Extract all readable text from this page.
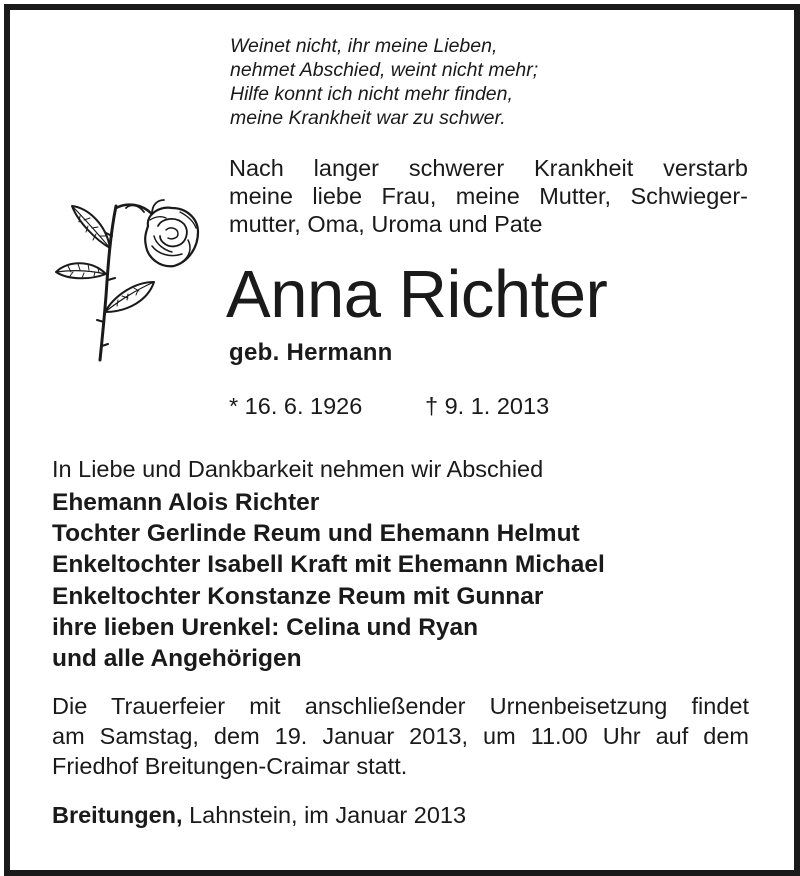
Weinet nicht, ihr meine Lieben,
nehmet Abschied, weint nicht mehr;
Hilfe konnt ich nicht mehr finden,
meine Krankheit war zu schwer.
Nach langer schwerer Krankheit verstarb
meine liebe Frau, meine Mutter, Schwieger-
mutter, Oma, Uroma und Pate
Anna Richter
geb. Hermann
* 16. 6. 1926	† 9. 1. 2013
In Liebe und Dankbarkeit nehmen wir Abschied
Ehemann Alois Richter
Tochter Gerlinde Reum und Ehemann Helmut
Enkeltochter Isabell Kraft mit Ehemann Michael
Enkeltochter Konstanze Reum mit Gunnar
ihre lieben Urenkel: Celina und Ryan
und alle Angehörigen
Die Trauerfeier mit anschließender Urnenbeisetzung findet
am Samstag, dem 19. Januar 2013, um 11.00 Uhr auf dem
Friedhof Breitungen-Craimar statt.
Breitungen, Lahnstein, im Januar 2013
